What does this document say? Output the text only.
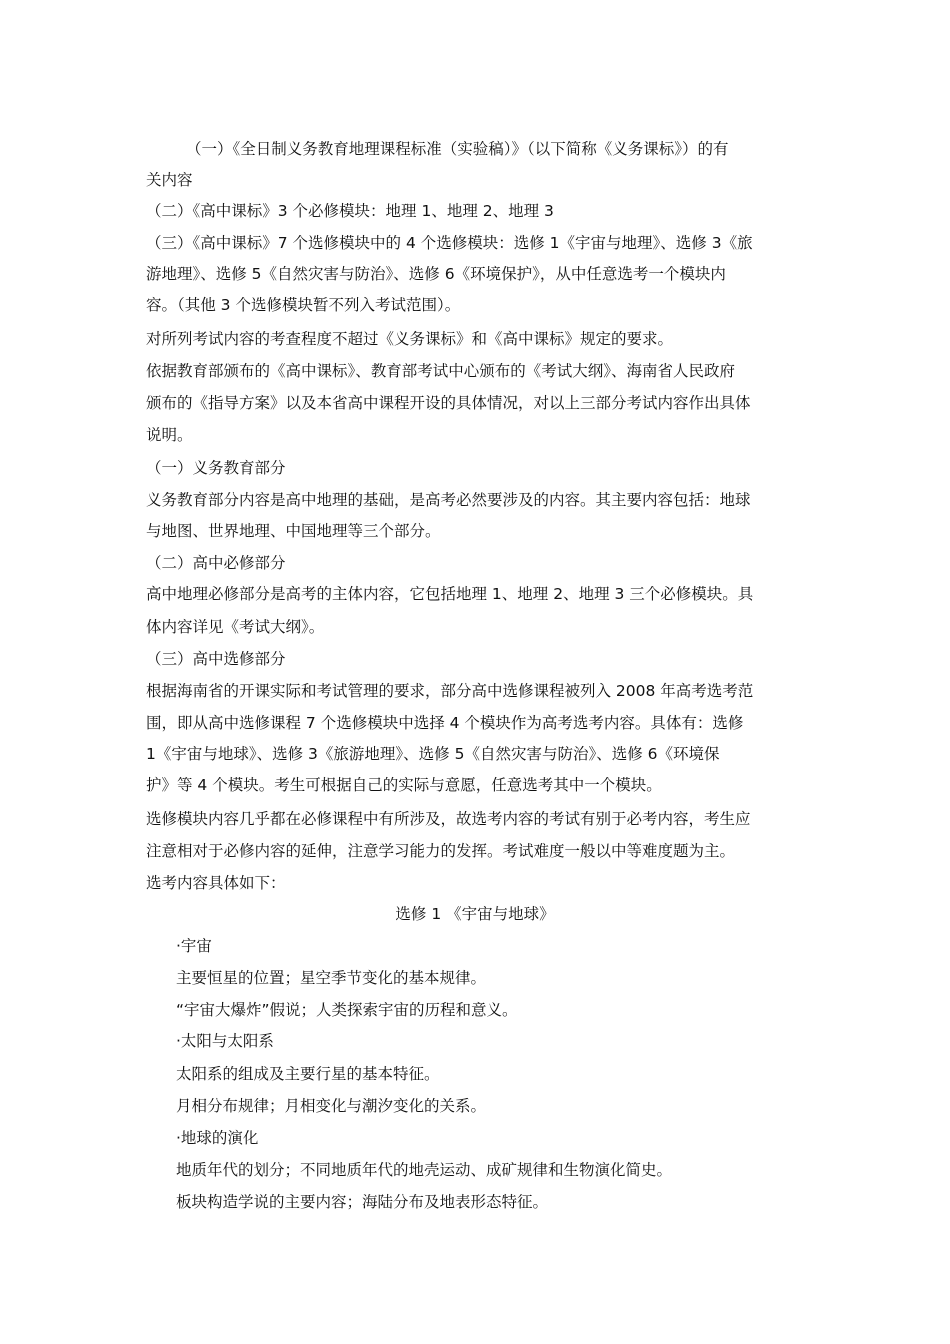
（一）《全日制义务教育地理课程标准（实验稿）》（以下简称《义务课标》）的有
关内容
（二）《高中课标》3 个必修模块：地理 1、地理 2、地理 3
（三）《高中课标》7 个选修模块中的 4 个选修模块：选修 1《宇宙与地理》、选修 3《旅
游地理》、选修 5《自然灾害与防治》、选修 6《环境保护》，从中任意选考一个模块内
容。（其他 3 个选修模块暂不列入考试范围）。
对所列考试内容的考查程度不超过《义务课标》和《高中课标》规定的要求。
依据教育部颁布的《高中课标》、教育部考试中心颁布的《考试大纲》、海南省人民政府
颁布的《指导方案》以及本省高中课程开设的具体情况，对以上三部分考试内容作出具体
说明。
（一）义务教育部分
义务教育部分内容是高中地理的基础，是高考必然要涉及的内容。其主要内容包括：地球
与地图、世界地理、中国地理等三个部分。
（二）高中必修部分
高中地理必修部分是高考的主体内容，它包括地理 1、地理 2、地理 3 三个必修模块。具
体内容详见《考试大纲》。
（三）高中选修部分
根据海南省的开课实际和考试管理的要求，部分高中选修课程被列入 2008 年高考选考范
围，即从高中选修课程 7 个选修模块中选择 4 个模块作为高考选考内容。具体有：选修
1《宇宙与地球》、选修 3《旅游地理》、选修 5《自然灾害与防治》、选修 6《环境保
护》等 4 个模块。考生可根据自己的实际与意愿，任意选考其中一个模块。
选修模块内容几乎都在必修课程中有所涉及，故选考内容的考试有别于必考内容，考生应
注意相对于必修内容的延伸，注意学习能力的发挥。考试难度一般以中等难度题为主。
选考内容具体如下：
选修 1 《宇宙与地球》
·宇宙
主要恒星的位置；星空季节变化的基本规律。
“宇宙大爆炸”假说；人类探索宇宙的历程和意义。
·太阳与太阳系
太阳系的组成及主要行星的基本特征。
月相分布规律；月相变化与潮汐变化的关系。
·地球的演化
地质年代的划分；不同地质年代的地壳运动、成矿规律和生物演化简史。
板块构造学说的主要内容；海陆分布及地表形态特征。
